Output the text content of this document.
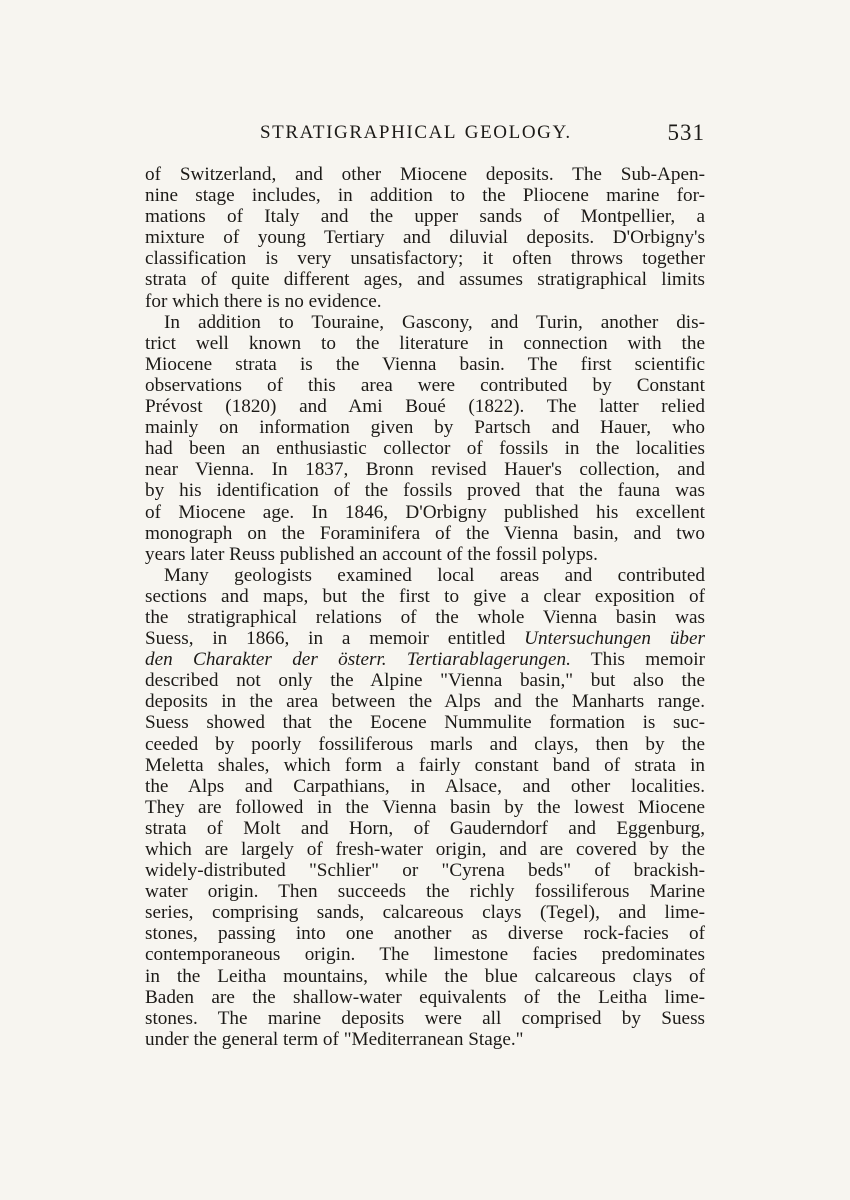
STRATIGRAPHICAL GEOLOGY.	531
of Switzerland, and other Miocene deposits. The Sub-Apen-
nine stage includes, in addition to the Pliocene marine for-
mations of Italy and the upper sands of Montpellier, a
mixture of young Tertiary and diluvial deposits. D'Orbigny's
classification is very unsatisfactory; it often throws together
strata of quite different ages, and assumes stratigraphical limits
for which there is no evidence.
In addition to Touraine, Gascony, and Turin, another dis-
trict well known to the literature in connection with the
Miocene strata is the Vienna basin. The first scientific
observations of this area were contributed by Constant
Prévost (1820) and Ami Boué (1822). The latter relied
mainly on information given by Partsch and Hauer, who
had been an enthusiastic collector of fossils in the localities
near Vienna. In 1837, Bronn revised Hauer's collection, and
by his identification of the fossils proved that the fauna was
of Miocene age. In 1846, D'Orbigny published his excellent
monograph on the Foraminifera of the Vienna basin, and two
years later Reuss published an account of the fossil polyps.
Many geologists examined local areas and contributed
sections and maps, but the first to give a clear exposition of
the stratigraphical relations of the whole Vienna basin was
Suess, in 1866, in a memoir entitled Untersuchungen über
den Charakter der österr. Tertiarablagerungen. This memoir
described not only the Alpine "Vienna basin," but also the
deposits in the area between the Alps and the Manharts range.
Suess showed that the Eocene Nummulite formation is suc-
ceeded by poorly fossiliferous marls and clays, then by the
Meletta shales, which form a fairly constant band of strata in
the Alps and Carpathians, in Alsace, and other localities.
They are followed in the Vienna basin by the lowest Miocene
strata of Molt and Horn, of Gauderndorf and Eggenburg,
which are largely of fresh-water origin, and are covered by the
widely-distributed "Schlier" or "Cyrena beds" of brackish-
water origin. Then succeeds the richly fossiliferous Marine
series, comprising sands, calcareous clays (Tegel), and lime-
stones, passing into one another as diverse rock-facies of
contemporaneous origin. The limestone facies predominates
in the Leitha mountains, while the blue calcareous clays of
Baden are the shallow-water equivalents of the Leitha lime-
stones. The marine deposits were all comprised by Suess
under the general term of "Mediterranean Stage."
